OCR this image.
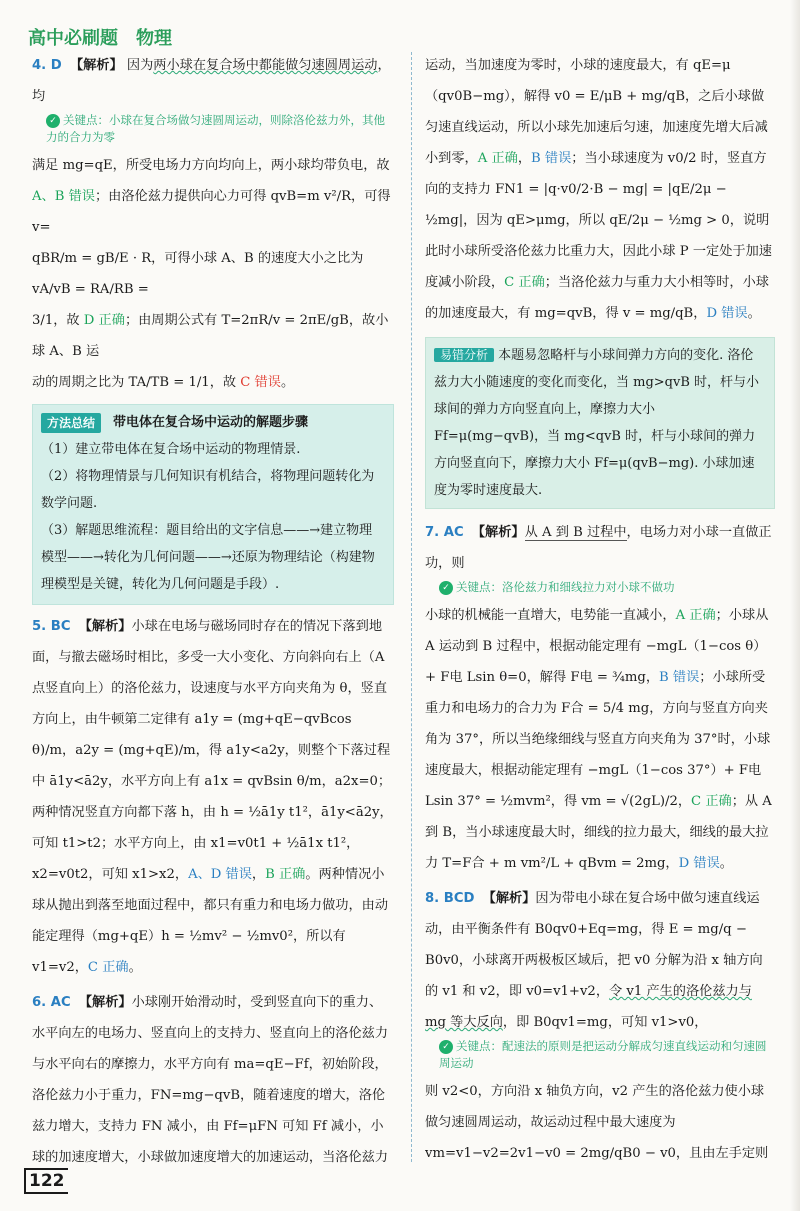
高中必刷题 物理

4. D 【解析】 因为两小球在复合场中都能做匀速圆周运动，均

✓ 关键点：小球在复合场做匀速圆周运动，则除洛伦兹力外，其他力的合力为零

满足 mg=qE，所受电场力方向均向上，两小球均带负电，故

A、B 错误；由洛伦兹力提供向心力可得 qvB=m v²/R，可得 v=

qBR/m = gB/E · R，可得小球 A、B 的速度大小之比为 vA/vB = RA/RB =

3/1，故 D 正确；由周期公式有 T=2πR/v = 2πE/gB，故小球 A、B 运

动的周期之比为 TA/TB = 1/1，故 C 错误。

方法总结	带电体在复合场中运动的解题步骤

（1）建立带电体在复合场中运动的物理情景.

（2）将物理情景与几何知识有机结合，将物理问题转化为数学问题.

（3）解题思维流程：题目给出的文字信息——→建立物理模型——→转化为几何问题——→还原为物理结论（构建物理模型是关键，转化为几何问题是手段）.

5. BC 【解析】小球在电场与磁场同时存在的情况下落到地面，与撤去磁场时相比，多受一大小变化、方向斜向右上（A 点竖直向上）的洛伦兹力，设速度与水平方向夹角为 θ，竖直方向上，由牛顿第二定律有 a1y = (mg+qE−qvBcos θ)/m，a2y = (mg+qE)/m，得 a1y<a2y，则整个下落过程中 ā1y<ā2y，水平方向上有 a1x = qvBsin θ/m，a2x=0；两种情况竖直方向都下落 h，由 h = ½ā1y t1²，ā1y<ā2y，可知 t1>t2；水平方向上，由 x1=v0t1 + ½ā1x t1²，x2=v0t2，可知 x1>x2，A、D 错误，B 正确。两种情况小球从抛出到落至地面过程中，都只有重力和电场力做功，由动能定理得（mg+qE）h = ½mv² − ½mv0²，所以有 v1=v2，C 正确。

6. AC 【解析】小球刚开始滑动时，受到竖直向下的重力、水平向左的电场力、竖直向上的支持力、竖直向上的洛伦兹力与水平向右的摩擦力，水平方向有 ma=qE−Ff，初始阶段，洛伦兹力小于重力，FN=mg−qvB，随着速度的增大，洛伦兹力增大，支持力 FN 减小，由 Ff=μFN 可知 Ff 减小，小球的加速度增大，小球做加速度增大的加速运动，当洛伦兹力

运动，当加速度为零时，小球的速度最大，有 qE=μ（qv0B−mg），解得 v0 = E/μB + mg/qB，之后小球做匀速直线运动，所以小球先加速后匀速，加速度先增大后减小到零，A 正确，B 错误；当小球速度为 v0/2 时，竖直方向的支持力 FN1 = |q·v0/2·B − mg| = |qE/2μ − ½mg|，因为 qE>μmg，所以 qE/2μ − ½mg > 0，说明此时小球所受洛伦兹力比重力大，因此小球 P 一定处于加速度减小阶段，C 正确；当洛伦兹力与重力大小相等时，小球的加速度最大，有 mg=qvB，得 v = mg/qB，D 错误。

易错分析 本题易忽略杆与小球间弹力方向的变化. 洛伦兹力大小随速度的变化而变化，当 mg>qvB 时，杆与小球间的弹力方向竖直向上，摩擦力大小 Ff=μ(mg−qvB)，当 mg<qvB 时，杆与小球间的弹力方向竖直向下，摩擦力大小 Ff=μ(qvB−mg). 小球加速度为零时速度最大.

7. AC 【解析】从 A 到 B 过程中，电场力对小球一直做正功，则

✓ 关键点：洛伦兹力和细线拉力对小球不做功

小球的机械能一直增大，电势能一直减小，A 正确；小球从 A 运动到 B 过程中，根据动能定理有 −mgL（1−cos θ）+ F电 Lsin θ=0，解得 F电 = ¾mg，B 错误；小球所受重力和电场力的合力为 F合 = 5/4 mg，方向与竖直方向夹角为 37°，所以当绝缘细线与竖直方向夹角为 37°时，小球速度最大，根据动能定理有 −mgL（1−cos 37°）+ F电 Lsin 37° = ½mvm²，得 vm = √(2gL)/2，C 正确；从 A 到 B，当小球速度最大时，细线的拉力最大，细线的最大拉力 T=F合 + m vm²/L + qBvm = 2mg，D 错误。

8. BCD 【解析】因为带电小球在复合场中做匀速直线运动，由平衡条件有 B0qv0+Eq=mg，得 E = mg/q − B0v0，小球离开两极板区域后，把 v0 分解为沿 x 轴方向的 v1 和 v2，即 v0=v1+v2，令 v1 产生的洛伦兹力与 mg 等大反向，即 B0qv1=mg，可知 v1>v0，

✓ 关键点：配速法的原则是把运动分解成匀速直线运动和匀速圆周运动

则 v2<0，方向沿 x 轴负方向，v2 产生的洛伦兹力使小球做匀速圆周运动，故运动过程中最大速度为 vm=v1−v2=2v1−v0 = 2mg/qB0 − v0，且由左手定则

122
